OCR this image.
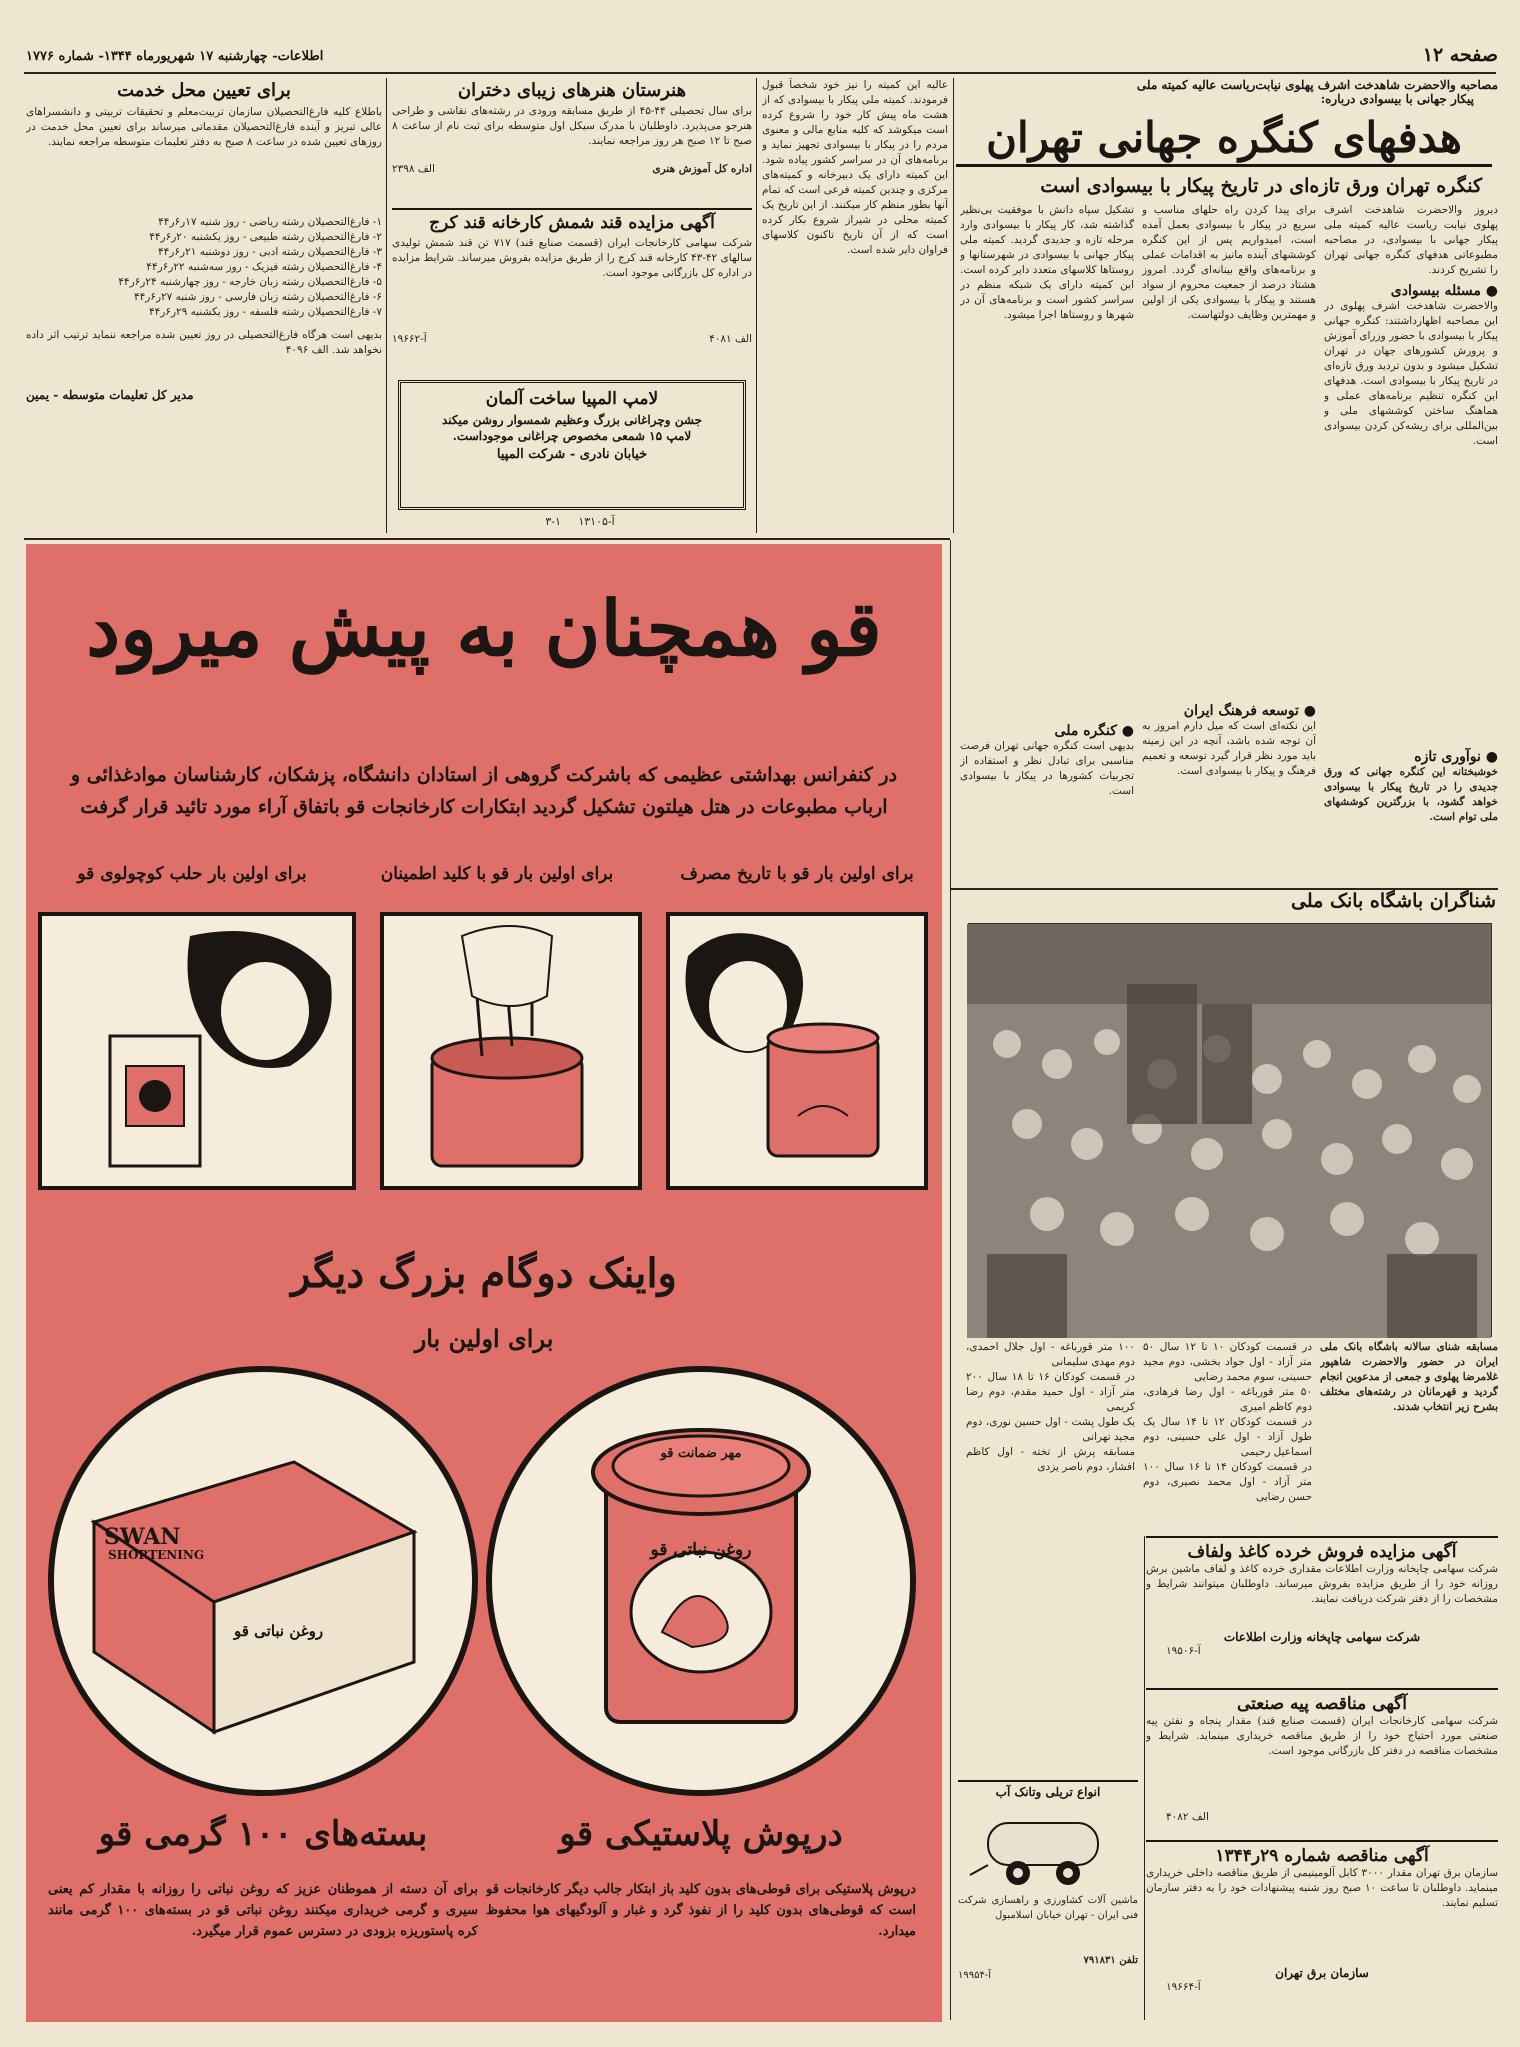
صفحه ۱۲
اطلاعات- چهارشنبه ۱۷ شهریورماه ۱۳۴۴- شماره ۱۷۷۶
مصاحبه والاحضرت شاهدخت اشرف پهلوی نیابت‌ریاست عالیه کمیته ملی
پیکار جهانی با بیسوادی درباره:
هدفهای کنگره جهانی تهران
کنگره تهران ورق تازه‌ای در تاریخ پیکار با بیسوادی است
دیروز والاحضرت شاهدخت اشرف پهلوی نیابت ریاست عالیه کمیته ملی پیکار جهانی با بیسوادی، در مصاحبه مطبوعاتی هدفهای کنگره جهانی تهران را تشریح کردند.
● مسئله بیسوادی
والاحضرت شاهدخت اشرف پهلوی در این مصاحبه اظهارداشتند: کنگره جهانی پیکار با بیسوادی با حضور وزرای آموزش و پرورش کشورهای جهان در تهران تشکیل میشود و بدون تردید ورق تازه‌ای در تاریخ پیکار با بیسوادی است. هدفهای این کنگره تنظیم برنامه‌های عملی و هماهنگ ساختن کوششهای ملی و بین‌المللی برای ریشه‌کن کردن بیسوادی است.
● نوآوری تازه
خوشبختانه این کنگره جهانی که ورق جدیدی را در تاریخ پیکار با بیسوادی خواهد گشود، با بزرگترین کوششهای ملی توام است.
برای پیدا کردن راه حلهای مناسب و سریع در پیکار با بیسوادی بعمل آمده است، امیدواریم پس از این کنگره کوششهای آینده مانیز به اقدامات عملی و برنامه‌های واقع بینانه‌ای گردد. امروز هشتاد درصد از جمعیت محروم از سواد هستند و پیکار با بیسوادی یکی از اولین و مهمترین وظایف دولتهاست.
● توسعه فرهنگ ایران
این نکته‌ای است که میل دارم امروز به آن توجه شده باشد، آنچه در این زمینه باید مورد نظر قرار گیرد توسعه و تعمیم فرهنگ و پیکار با بیسوادی است.
تشکیل سپاه دانش با موفقیت بی‌نظیر گذاشته شد، کار پیکار با بیسوادی وارد مرحله تازه و جدیدی گردید. کمیته ملی پیکار جهانی با بیسوادی در شهرستانها و روستاها کلاسهای متعدد دایر کرده است. این کمیته دارای یک شبکه منظم در سراسر کشور است و برنامه‌های آن در شهرها و روستاها اجرا میشود.
● کنگره ملی
بدیهی است کنگره جهانی تهران فرصت مناسبی برای تبادل نظر و استفاده از تجربیات کشورها در پیکار با بیسوادی است.
شناگران باشگاه بانک ملی
مسابقه شنای سالانه باشگاه بانک ملی ایران در حضور والاحضرت شاهپور غلامرضا پهلوی و جمعی از مدعوین انجام گردید و قهرمانان در رشته‌های مختلف بشرح زیر انتخاب شدند.
در قسمت کودکان ۱۰ تا ۱۲ سال ۵۰ متر آزاد - اول جواد بخشی، دوم مجید حسینی، سوم محمد رضایی
۵۰ متر قورباغه - اول رضا فرهادی، دوم کاظم امیری
در قسمت کودکان ۱۲ تا ۱۴ سال یک طول آزاد - اول علی حسینی، دوم اسماعیل رحیمی
در قسمت کودکان ۱۴ تا ۱۶ سال ۱۰۰ متر آزاد - اول محمد نصیری، دوم حسن رضایی
۱۰۰ متر قورباغه - اول جلال احمدی، دوم مهدی سلیمانی
در قسمت کودکان ۱۶ تا ۱۸ سال ۲۰۰ متر آزاد - اول حمید مقدم، دوم رضا کریمی
یک طول پشت - اول حسین نوری، دوم مجید تهرانی
مسابقه پرش از تخته - اول کاظم افشار، دوم ناصر یزدی
آگهی مزایده فروش خرده کاغذ ولفاف
شرکت سهامی چاپخانه وزارت اطلاعات مقداری خرده کاغذ و لفاف ماشین برش روزانه خود را از طریق مزایده بفروش میرساند. داوطلبان میتوانند شرایط و مشخصات را از دفتر شرکت دریافت نمایند.
شرکت سهامی چاپخانه وزارت اطلاعات
آ-۱۹۵۰۶
آگهی مناقصه پیه صنعتی
شرکت سهامی کارخانجات ایران (قسمت صنایع قند) مقدار پنجاه و نفتن پیه صنعتی مورد احتیاج خود را از طریق مناقصه خریداری مینماید. شرایط و مشخصات مناقصه در دفتر کل بازرگانی موجود است.
الف ۴۰۸۲
آگهی مناقصه شماره ۲۹ر۱۳۴۴
سازمان برق تهران مقدار ۳۰۰۰ کابل آلومینیمی از طریق مناقصه داخلی خریداری مینماید. داوطلبان تا ساعت ۱۰ صبح روز شنبه پیشنهادات خود را به دفتر سازمان تسلیم نمایند.
سازمان برق تهران
آ-۱۹۶۶۴
انواع تریلی وتانک آب
ماشین آلات کشاورزی و راهسازی شرکت فنی ایران - تهران خیابان اسلامبول
تلفن ۷۹۱۸۳۱
آ-۱۹۹۵۴
عالیه این کمیته را نیز خود شخصاً قبول فرمودند. کمیته ملی پیکار با بیسوادی که از هشت ماه پیش کار خود را شروع کرده است میکوشد که کلیه منابع مالی و معنوی مردم را در پیکار با بیسوادی تجهیز نماید و برنامه‌های آن در سراسر کشور پیاده شود. این کمیته دارای یک دبیرخانه و کمیته‌های مرکزی و چندین کمیته فرعی است که تمام آنها بطور منظم کار میکنند. از این تاریخ یک کمیته محلی در شیراز شروع بکار کرده است که از آن تاریخ تاکنون کلاسهای فراوان دایر شده است.
هنرستان هنرهای زیبای دختران
برای سال تحصیلی ۴۴-۴۵ از طریق مسابقه ورودی در رشته‌های نقاشی و طراحی هنرجو می‌پذیرد. داوطلبان با مدرک سیکل اول متوسطه برای ثبت نام از ساعت ۸ صبح تا ۱۲ صبح هر روز مراجعه نمایند.
اداره کل آموزش هنری
الف ۲۳۹۸
آگهی مزایده قند شمش کارخانه قند کرج
شرکت سهامی کارخانجات ایران (قسمت صنایع قند) ۷۱۷ تن قند شمش تولیدی سالهای ۴۲-۴۳ کارخانه قند کرج را از طریق مزایده بفروش میرساند. شرایط مزایده در اداره کل بازرگانی موجود است.
الف ۴۰۸۱
آ-۱۹۶۶۲
لامپ المپیا ساخت آلمان
جشن وچراغانی بزرگ وعظیم شمسوار روشن میکند
لامپ ۱۵ شمعی مخصوص چراغانی موجوداست.
خیابان نادری - شرکت المپیا
آ-۱۳۱۰۵     ۱-۳
برای تعیین محل خدمت
باطلاع کلیه فارغ‌التحصیلان سازمان تربیت‌معلم و تحقیقات تربیتی و دانشسراهای عالی تبریز و آینده فارغ‌التحصیلان مقدماتی میرساند برای تعیین محل خدمت در روزهای تعیین شده در ساعت ۸ صبح به دفتر تعلیمات متوسطه مراجعه نمایند.
۱- فارغ‌التحصیلان رشته ریاضی - روز شنبه ۱۷ر۶ر۴۴
۲- فارغ‌التحصیلان رشته طبیعی - روز یکشنبه ۲۰ر۶ر۴۴
۳- فارغ‌التحصیلان رشته ادبی - روز دوشنبه ۲۱ر۶ر۴۴
۴- فارغ‌التحصیلان رشته فیزیک - روز سه‌شنبه ۲۲ر۶ر۴۴
۵- فارغ‌التحصیلان رشته زبان خارجه - روز چهارشنبه ۲۴ر۶ر۴۴
۶- فارغ‌التحصیلان رشته زبان فارسی - روز شنبه ۲۷ر۶ر۴۴
۷- فارغ‌التحصیلان رشته فلسفه - روز یکشنبه ۲۹ر۶ر۴۴
بدیهی است هرگاه فارغ‌التحصیلی در روز تعیین شده مراجعه ننماید ترتیب اثر داده نخواهد شد. الف ۴۰۹۶
مدیر کل تعلیمات متوسطه - یمین
قو همچنان به پیش میرود
در کنفرانس بهداشتی عظیمی که باشرکت گروهی از استادان دانشگاه، پزشکان، کارشناسان موادغذائی و
ارباب مطبوعات در هتل هیلتون تشکیل گردید ابتکارات کارخانجات قو باتفاق آراء مورد تائید قرار گرفت
برای اولین بار قو با تاریخ مصرف
برای اولین بار قو با کلید اطمینان
برای اولین بار حلب کوچولوی قو
واینک دوگام بزرگ دیگر
برای اولین بار
مهر ضمانت قو
روغن نباتی قو
SWAN
SHORTENING
روغن نباتی قو
درپوش پلاستیکی قو
بسته‌های ۱۰۰ گرمی قو
درپوش پلاستیکی برای قوطی‌های بدون کلید باز ابتکار جالب دیگر کارخانجات قو است که قوطی‌های بدون کلید را از نفوذ گرد و غبار و آلودگیهای هوا محفوظ میدارد.
برای آن دسته از هموطنان عزیز که روغن نباتی را روزانه با مقدار کم یعنی سیری و گرمی خریداری میکنند روغن نباتی قو در بسته‌های ۱۰۰ گرمی مانند کره پاستوریزه بزودی در دسترس عموم قرار میگیرد.
